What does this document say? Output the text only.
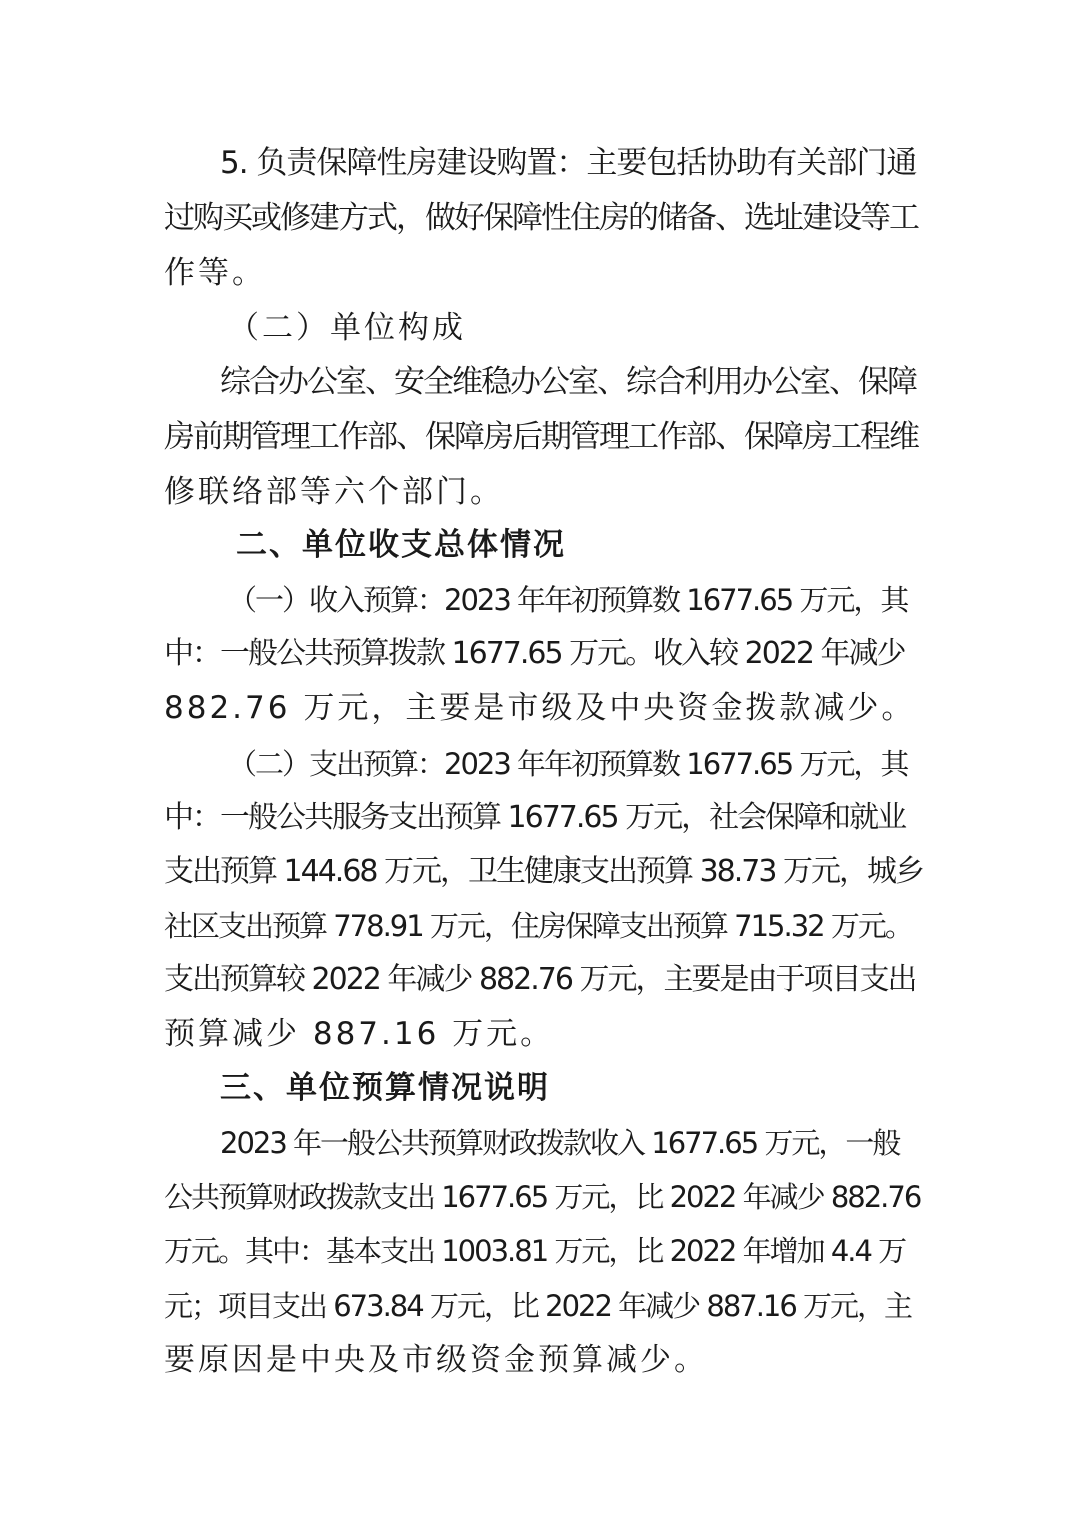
5. 负责保障性房建设购置：主要包括协助有关部门通
过购买或修建方式，做好保障性住房的储备、选址建设等工
作等。
（二）单位构成
综合办公室、安全维稳办公室、综合利用办公室、保障
房前期管理工作部、保障房后期管理工作部、保障房工程维
修联络部等六个部门。
二、单位收支总体情况
（一）收入预算：2023 年年初预算数 1677.65 万元，其
中：一般公共预算拨款 1677.65 万元。收入较 2022 年减少
882.76 万元，主要是市级及中央资金拨款减少。
（二）支出预算：2023 年年初预算数 1677.65 万元，其
中：一般公共服务支出预算 1677.65 万元，社会保障和就业
支出预算 144.68 万元，卫生健康支出预算 38.73 万元，城乡
社区支出预算 778.91 万元，住房保障支出预算 715.32 万元。
支出预算较 2022 年减少 882.76 万元，主要是由于项目支出
预算减少 887.16 万元。
三、单位预算情况说明
2023 年一般公共预算财政拨款收入 1677.65 万元，一般
公共预算财政拨款支出 1677.65 万元，比 2022 年减少 882.76
万元。其中：基本支出 1003.81 万元，比 2022 年增加 4.4 万
元；项目支出 673.84 万元，比 2022 年减少 887.16 万元，主
要原因是中央及市级资金预算减少。
